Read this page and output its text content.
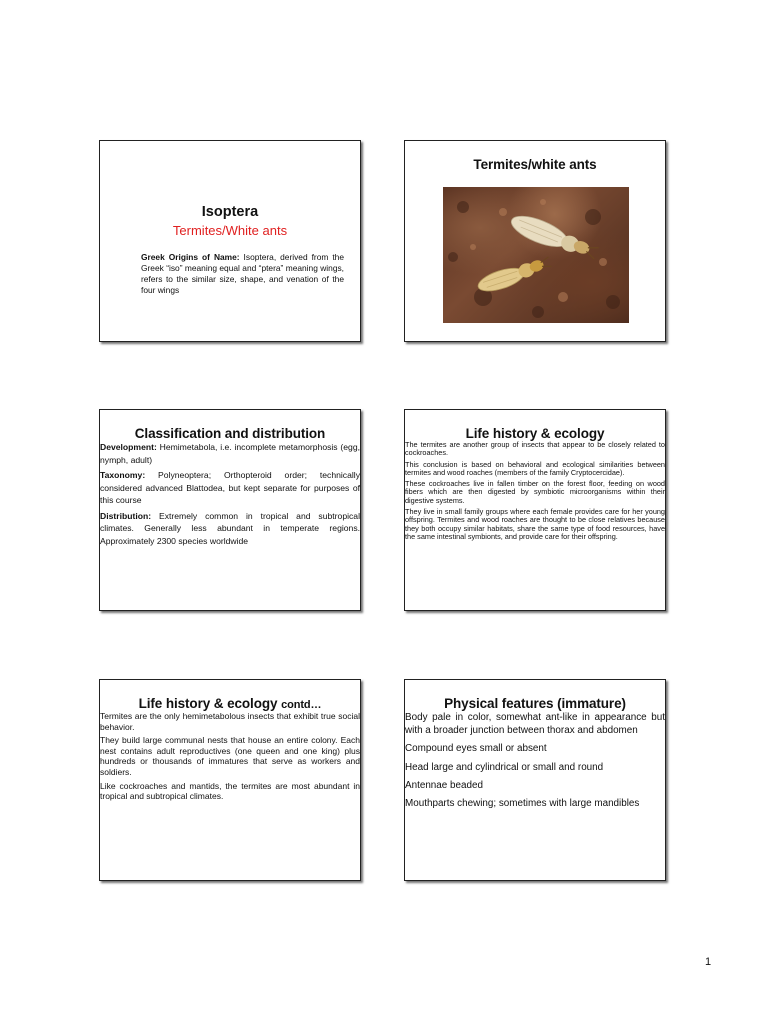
Isoptera
Termites/White ants
Greek Origins of Name: Isoptera, derived from the Greek “iso” meaning equal and “ptera” meaning wings, refers to the similar size, shape, and venation of the four wings
Termites/white ants
Classification and distribution
• Development: Hemimetabola, i.e. incomplete metamorphosis (egg, nymph, adult)
• Taxonomy: Polyneoptera; Orthopteroid order; technically considered advanced Blattodea, but kept separate for purposes of this course
• Distribution: Extremely common in tropical and subtropical climates. Generally less abundant in temperate regions. Approximately 2300 species worldwide
Life history & ecology
• The termites are another group of insects that appear to be closely related to cockroaches.
• This conclusion is based on behavioral and ecological similarities between termites and wood roaches (members of the family Cryptocercidae).
• These cockroaches live in fallen timber on the forest floor, feeding on wood fibers which are then digested by symbiotic microorganisms within their digestive systems.
• They live in small family groups where each female provides care for her young offspring. Termites and wood roaches are thought to be close relatives because they both occupy similar habitats, share the same type of food resources, have the same intestinal symbionts, and provide care for their offspring.
Life history & ecology contd…
• Termites are the only hemimetabolous insects that exhibit true social behavior.
• They build large communal nests that house an entire colony. Each nest contains adult reproductives (one queen and one king) plus hundreds or thousands of immatures that serve as workers and soldiers.
• Like cockroaches and mantids, the termites are most abundant in tropical and subtropical climates.
Physical features (immature)
• Body pale in color, somewhat ant-like in appearance but with a broader junction between thorax and abdomen
• Compound eyes small or absent
• Head large and cylindrical or small and round
• Antennae beaded
• Mouthparts chewing; sometimes with large mandibles
1
